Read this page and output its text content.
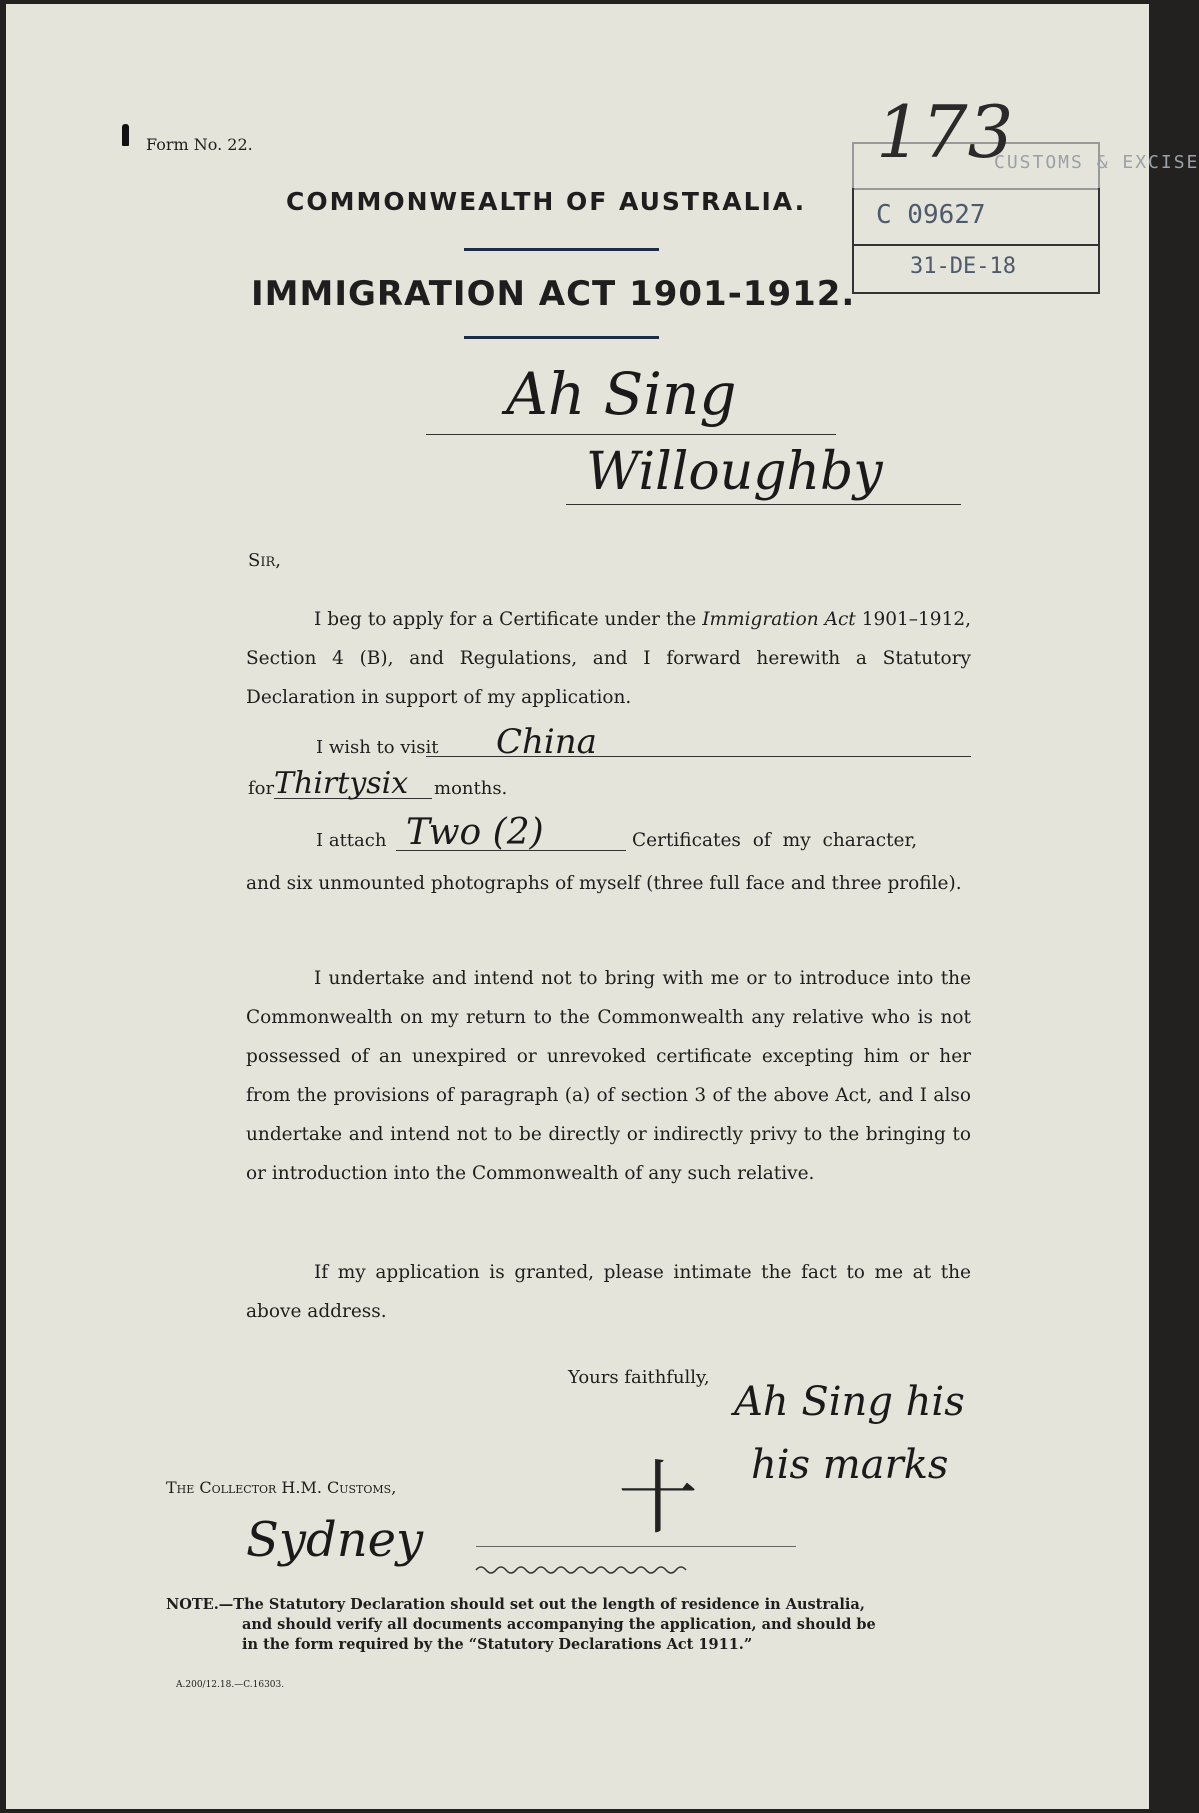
Form No. 22.
COMMONWEALTH OF AUSTRALIA.
IMMIGRATION ACT 1901-1912.
CUSTOMS & EXCISE
C 09627
31-DE-18
173
Ah Sing
Willoughby
Sir,
I beg to apply for a Certificate under the Immigration Act 1901–1912, Section 4 (B), and Regulations, and I forward herewith a Statutory Declaration in support of my application.
I wish to visit China
for Thirtysix months.
I attach Two (2)	Certificates of my character,
and six unmounted photographs of myself (three full face and three profile).
I undertake and intend not to bring with me or to introduce into the Commonwealth on my return to the Commonwealth any relative who is not possessed of an unexpired or unrevoked certificate excepting him or her from the provisions of paragraph (a) of section 3 of the above Act, and I also undertake and intend not to be directly or indirectly privy to the bringing to or introduction into the Commonwealth of any such relative.
If my application is granted, please intimate the fact to me at the above address.
Yours faithfully,
Ah Sing his
his marks
十
The Collector H.M. Customs,
Sydney
NOTE.—The Statutory Declaration should set out the length of residence in Australia,
and should verify all documents accompanying the application, and should be
in the form required by the “Statutory Declarations Act 1911.”
A.200/12.18.—C.16303.
